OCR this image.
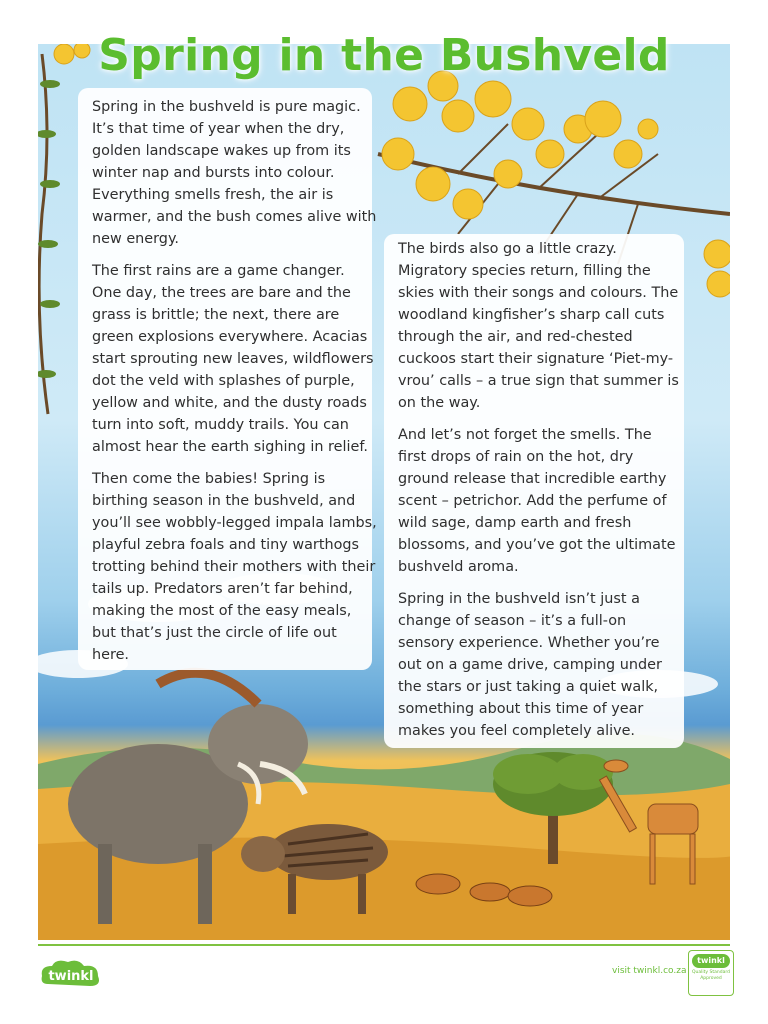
Spring in the Bushveld

Spring in the bushveld is pure magic. It’s that time of year when the dry, golden landscape wakes up from its winter nap and bursts into colour. Everything smells fresh, the air is warmer, and the bush comes alive with new energy.

The first rains are a game changer. One day, the trees are bare and the grass is brittle; the next, there are green explosions everywhere. Acacias start sprouting new leaves, wildflowers dot the veld with splashes of purple, yellow and white, and the dusty roads turn into soft, muddy trails. You can almost hear the earth sighing in relief.

Then come the babies! Spring is birthing season in the bushveld, and you’ll see wobbly-legged impala lambs, playful zebra foals and tiny warthogs trotting behind their mothers with their tails up. Predators aren’t far behind, making the most of the easy meals, but that’s just the circle of life out here.

The birds also go a little crazy. Migratory species return, filling the skies with their songs and colours. The woodland kingfisher’s sharp call cuts through the air, and red-chested cuckoos start their signature ‘Piet-my-vrou’ calls – a true sign that summer is on the way.

And let’s not forget the smells. The first drops of rain on the hot, dry ground release that incredible earthy scent – petrichor. Add the perfume of wild sage, damp earth and fresh blossoms, and you’ve got the ultimate bushveld aroma.

Spring in the bushveld isn’t just a change of season – it’s a full-on sensory experience. Whether you’re out on a game drive, camping under the stars or just taking a quiet walk, something about this time of year makes you feel completely alive.

twinkl	visit twinkl.co.za
twinkl
Quality Standard Approved
